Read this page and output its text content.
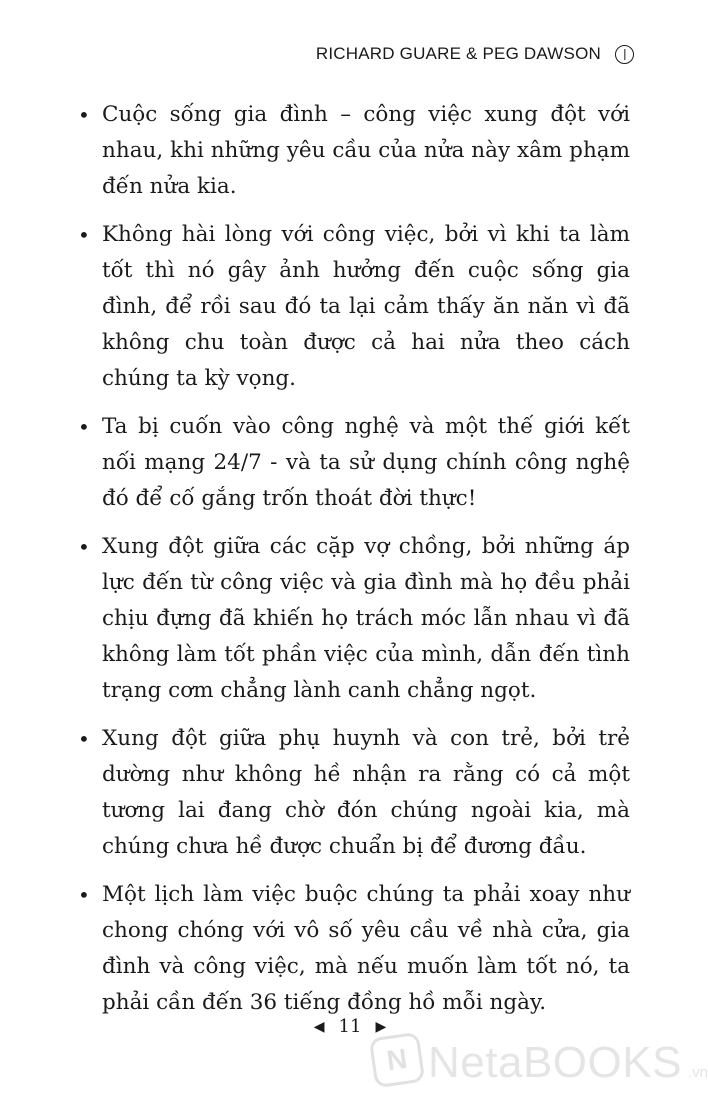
RICHARD GUARE & PEG DAWSON
• Cuộc sống gia đình – công việc xung đột với nhau, khi những yêu cầu của nửa này xâm phạm đến nửa kia.
• Không hài lòng với công việc, bởi vì khi ta làm tốt thì nó gây ảnh hưởng đến cuộc sống gia đình, để rồi sau đó ta lại cảm thấy ăn năn vì đã không chu toàn được cả hai nửa theo cách chúng ta kỳ vọng.
• Ta bị cuốn vào công nghệ và một thế giới kết nối mạng 24/7 - và ta sử dụng chính công nghệ đó để cố gắng trốn thoát đời thực!
• Xung đột giữa các cặp vợ chồng, bởi những áp lực đến từ công việc và gia đình mà họ đều phải chịu đựng đã khiến họ trách móc lẫn nhau vì đã không làm tốt phần việc của mình, dẫn đến tình trạng cơm chẳng lành canh chẳng ngọt.
• Xung đột giữa phụ huynh và con trẻ, bởi trẻ dường như không hề nhận ra rằng có cả một tương lai đang chờ đón chúng ngoài kia, mà chúng chưa hề được chuẩn bị để đương đầu.
• Một lịch làm việc buộc chúng ta phải xoay như chong chóng với vô số yêu cầu về nhà cửa, gia đình và công việc, mà nếu muốn làm tốt nó, ta phải cần đến 36 tiếng đồng hồ mỗi ngày.
◀ 11 ▶
N NetaBOOKS .vn
